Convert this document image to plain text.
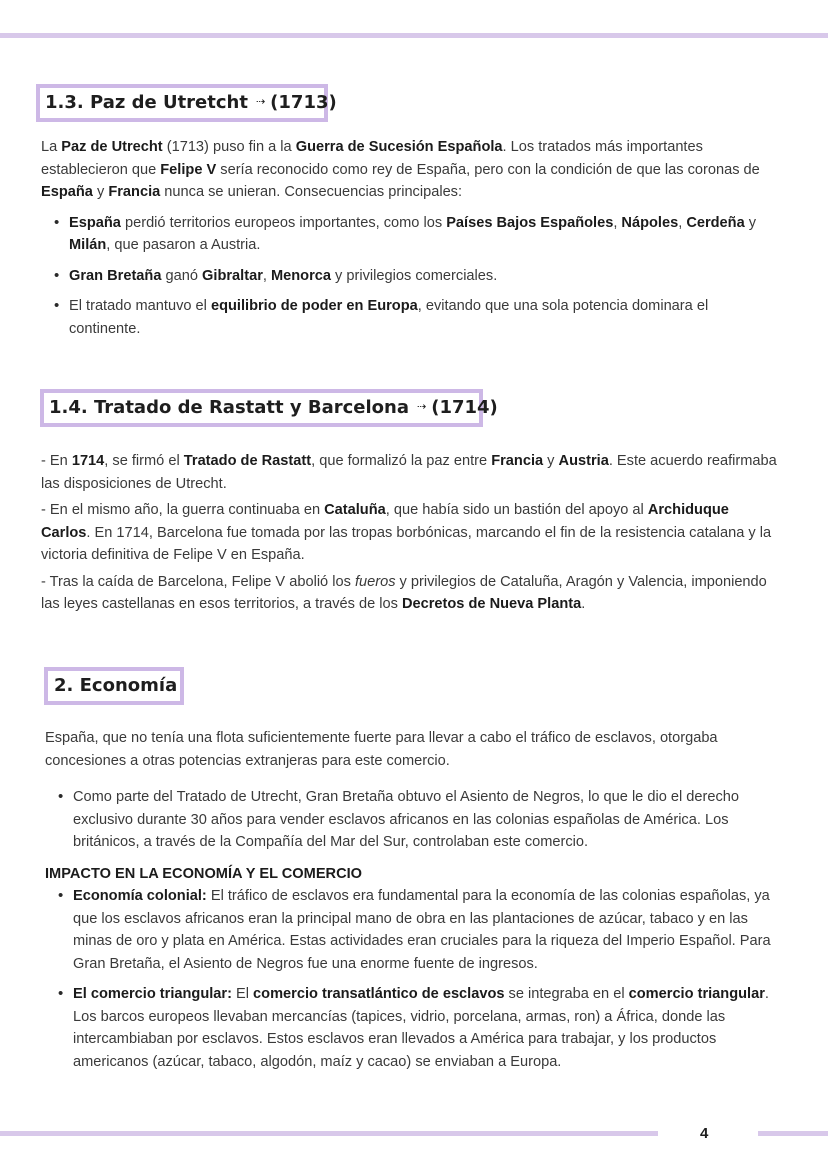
1.3. Paz de Utretcht ⇢ (1713)

La Paz de Utrecht (1713) puso fin a la Guerra de Sucesión Española. Los tratados más importantes establecieron que Felipe V sería reconocido como rey de España, pero con la condición de que las coronas de España y Francia nunca se unieran. Consecuencias principales:

• España perdió territorios europeos importantes, como los Países Bajos Españoles, Nápoles, Cerdeña y Milán, que pasaron a Austria.
• Gran Bretaña ganó Gibraltar, Menorca y privilegios comerciales.
• El tratado mantuvo el equilibrio de poder en Europa, evitando que una sola potencia dominara el continente.
1.4. Tratado de Rastatt y Barcelona ⇢ (1714)

- En 1714, se firmó el Tratado de Rastatt, que formalizó la paz entre Francia y Austria. Este acuerdo reafirmaba las disposiciones de Utrecht.

- En el mismo año, la guerra continuaba en Cataluña, que había sido un bastión del apoyo al Archiduque Carlos. En 1714, Barcelona fue tomada por las tropas borbónicas, marcando el fin de la resistencia catalana y la victoria definitiva de Felipe V en España.

- Tras la caída de Barcelona, Felipe V abolió los fueros y privilegios de Cataluña, Aragón y Valencia, imponiendo las leyes castellanas en esos territorios, a través de los Decretos de Nueva Planta.

2. Economía

España, que no tenía una flota suficientemente fuerte para llevar a cabo el tráfico de esclavos, otorgaba concesiones a otras potencias extranjeras para este comercio.

• Como parte del Tratado de Utrecht, Gran Bretaña obtuvo el Asiento de Negros, lo que le dio el derecho exclusivo durante 30 años para vender esclavos africanos en las colonias españolas de América. Los británicos, a través de la Compañía del Mar del Sur, controlaban este comercio.

IMPACTO EN LA ECONOMÍA Y EL COMERCIO

• Economía colonial: El tráfico de esclavos era fundamental para la economía de las colonias españolas, ya que los esclavos africanos eran la principal mano de obra en las plantaciones de azúcar, tabaco y en las minas de oro y plata en América. Estas actividades eran cruciales para la riqueza del Imperio Español. Para Gran Bretaña, el Asiento de Negros fue una enorme fuente de ingresos.
• El comercio triangular: El comercio transatlántico de esclavos se integraba en el comercio triangular. Los barcos europeos llevaban mercancías (tapices, vidrio, porcelana, armas, ron) a África, donde las intercambiaban por esclavos. Estos esclavos eran llevados a América para trabajar, y los productos americanos (azúcar, tabaco, algodón, maíz y cacao) se enviaban a Europa.
4
